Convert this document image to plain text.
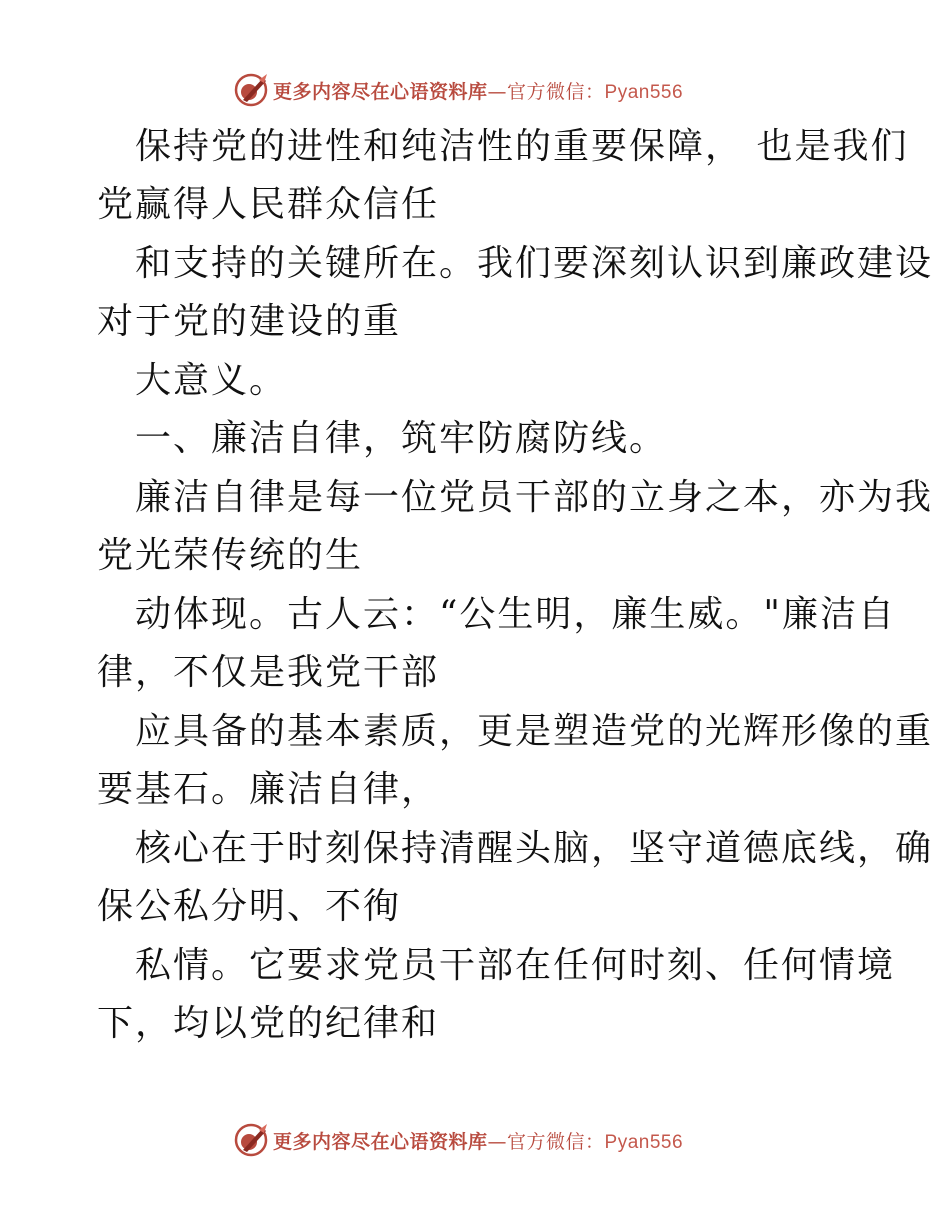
更多内容尽在心语资料库—官方微信：Pyan556
保持党的进性和纯洁性的重要保障， 也是我们
党赢得人民群众信任
和支持的关键所在。我们要深刻认识到廉政建设
对于党的建设的重
大意义。
一、廉洁自律，筑牢防腐防线。
廉洁自律是每一位党员干部的立身之本，亦为我
党光荣传统的生
动体现。古人云：“公生明，廉生威。"廉洁自
律，不仅是我党干部
应具备的基本素质，更是塑造党的光辉形像的重
要基石。廉洁自律，
核心在于时刻保持清醒头脑，坚守道德底线，确
保公私分明、不徇
私情。它要求党员干部在任何时刻、任何情境
下，均以党的纪律和
更多内容尽在心语资料库—官方微信：Pyan556
